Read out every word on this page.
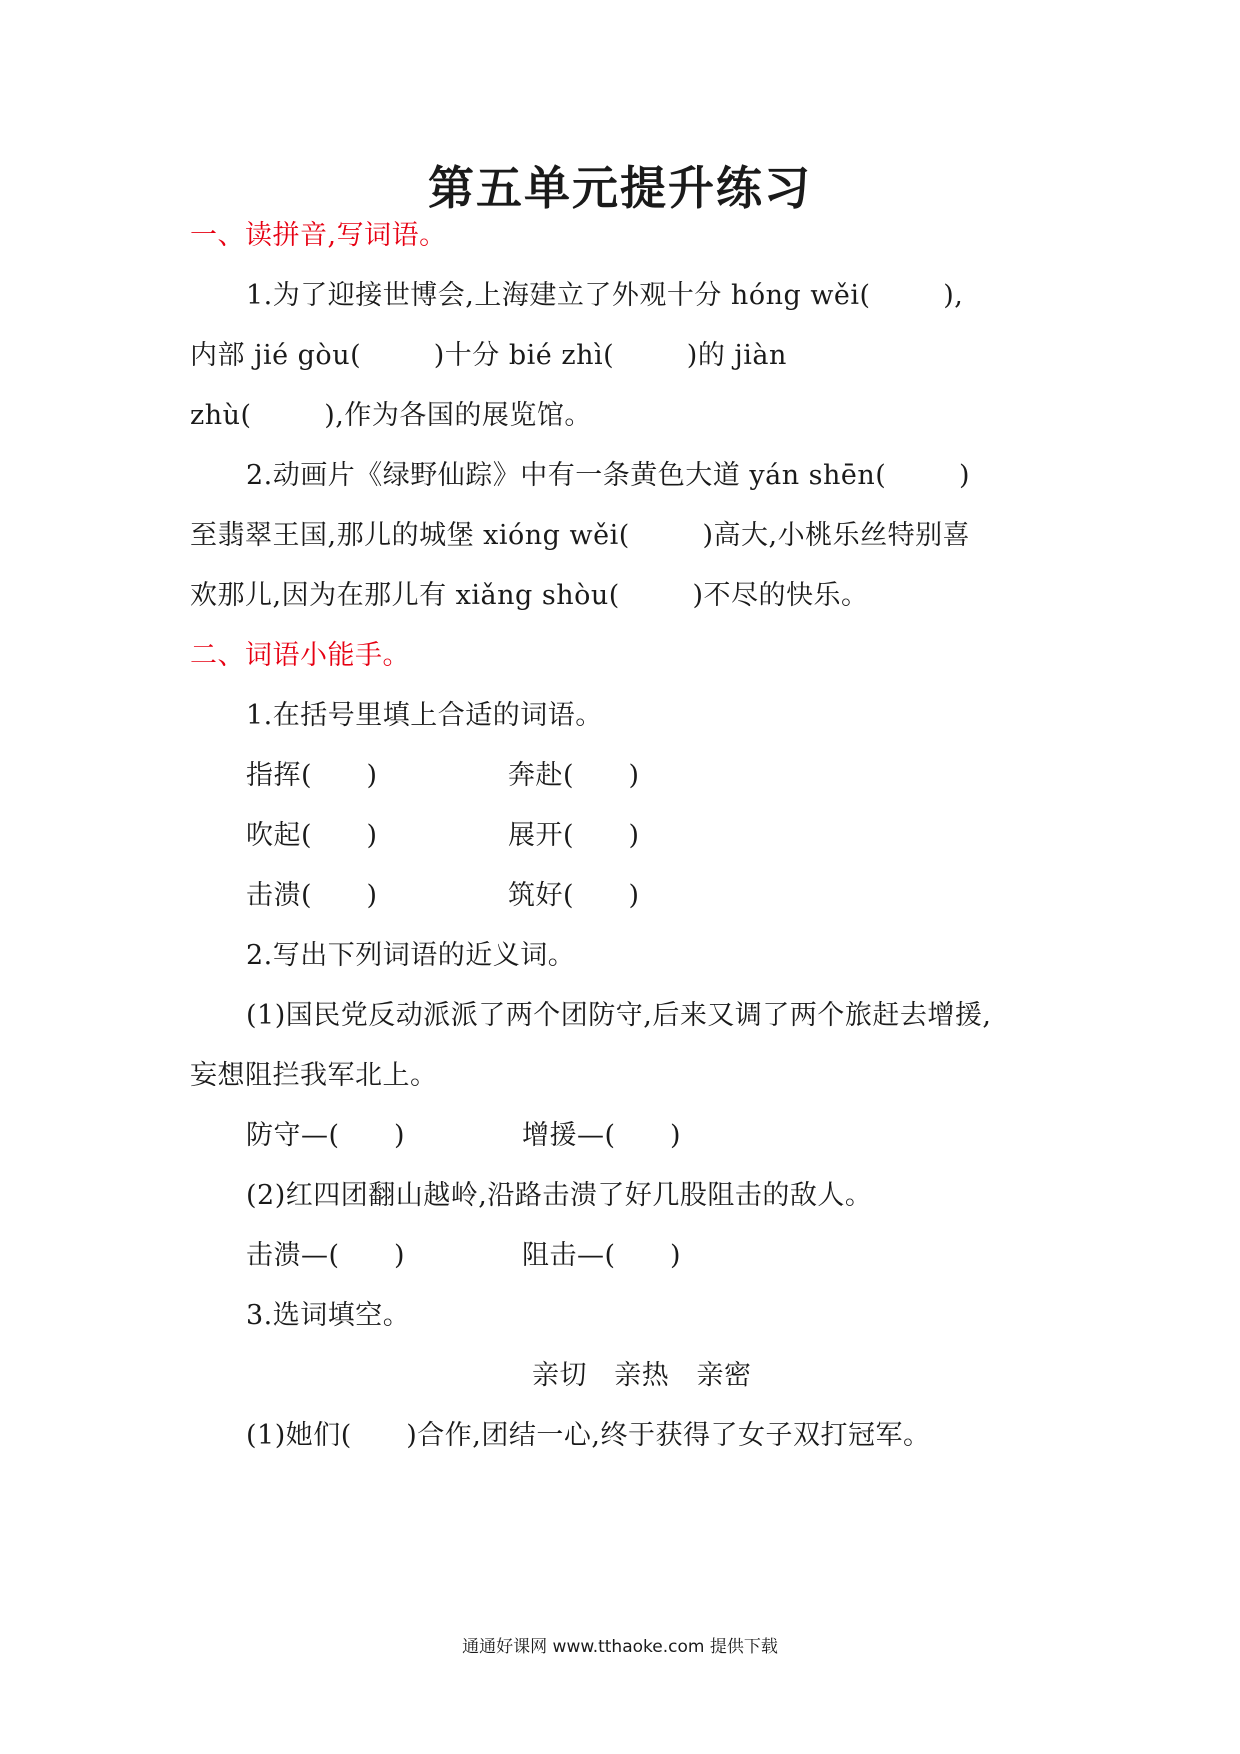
第五单元提升练习
一、读拼音,写词语。
1.为了迎接世博会,上海建立了外观十分 hóng wěi(        ),
内部 jié gòu(        )十分 bié zhì(        )的 jiàn
zhù(        ),作为各国的展览馆。
2.动画片《绿野仙踪》中有一条黄色大道 yán shēn(        )
至翡翠王国,那儿的城堡 xióng wěi(        )高大,小桃乐丝特别喜
欢那儿,因为在那儿有 xiǎng shòu(        )不尽的快乐。
二、词语小能手。
1.在括号里填上合适的词语。
指挥(      )	奔赴(      )
吹起(      )	展开(      )
击溃(      )	筑好(      )
2.写出下列词语的近义词。
(1)国民党反动派派了两个团防守,后来又调了两个旅赶去增援,
妄想阻拦我军北上。
防守—(      )	增援—(      )
(2)红四团翻山越岭,沿路击溃了好几股阻击的敌人。
击溃—(      )	阻击—(      )
3.选词填空。
亲切   亲热   亲密
(1)她们(      )合作,团结一心,终于获得了女子双打冠军。
通通好课网 www.tthaoke.com 提供下载
